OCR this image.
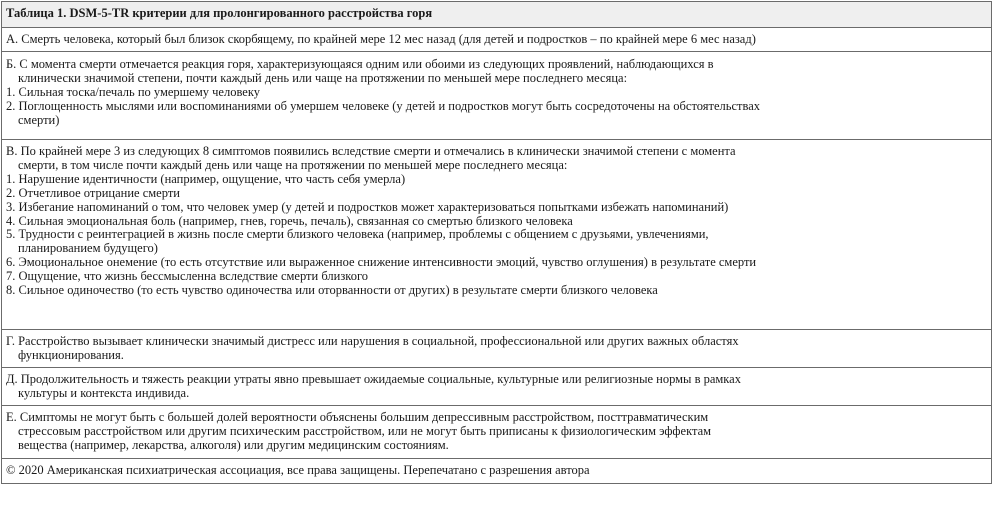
Таблица 1. DSM-5-TR критерии для пролонгированного расстройства горя
А. Смерть человека, который был близок скорбящему, по крайней мере 12 мес назад (для детей и подростков – по крайней мере 6 мес назад)
Б. С момента смерти отмечается реакция горя, характеризующаяся одним или обоими из следующих проявлений, наблюдающихся в
клинически значимой степени, почти каждый день или чаще на протяжении по меньшей мере последнего месяца:
1. Сильная тоска/печаль по умершему человеку
2. Поглощенность мыслями или воспоминаниями об умершем человеке (у детей и подростков могут быть сосредоточены на обстоятельствах
смерти)
В. По крайней мере 3 из следующих 8 симптомов появились вследствие смерти и отмечались в клинически значимой степени с момента
смерти, в том числе почти каждый день или чаще на протяжении по меньшей мере последнего месяца:
1. Нарушение идентичности (например, ощущение, что часть себя умерла)
2. Отчетливое отрицание смерти
3. Избегание напоминаний о том, что человек умер (у детей и подростков может характеризоваться попытками избежать напоминаний)
4. Сильная эмоциональная боль (например, гнев, горечь, печаль), связанная со смертью близкого человека
5. Трудности с реинтеграцией в жизнь после смерти близкого человека (например, проблемы с общением с друзьями, увлечениями,
планированием будущего)
6. Эмоциональное онемение (то есть отсутствие или выраженное снижение интенсивности эмоций, чувство оглушения) в результате смерти
7. Ощущение, что жизнь бессмысленна вследствие смерти близкого
8. Сильное одиночество (то есть чувство одиночества или оторванности от других) в результате смерти близкого человека
Г. Расстройство вызывает клинически значимый дистресс или нарушения в социальной, профессиональной или других важных областях
функционирования.
Д. Продолжительность и тяжесть реакции утраты явно превышает ожидаемые социальные, культурные или религиозные нормы в рамках
культуры и контекста индивида.
Е. Симптомы не могут быть с большей долей вероятности объяснены большим депрессивным расстройством, посттравматическим
стрессовым расстройством или другим психическим расстройством, или не могут быть приписаны к физиологическим эффектам
вещества (например, лекарства, алкоголя) или другим медицинским состояниям.
© 2020 Американская психиатрическая ассоциация, все права защищены. Перепечатано с разрешения автора
